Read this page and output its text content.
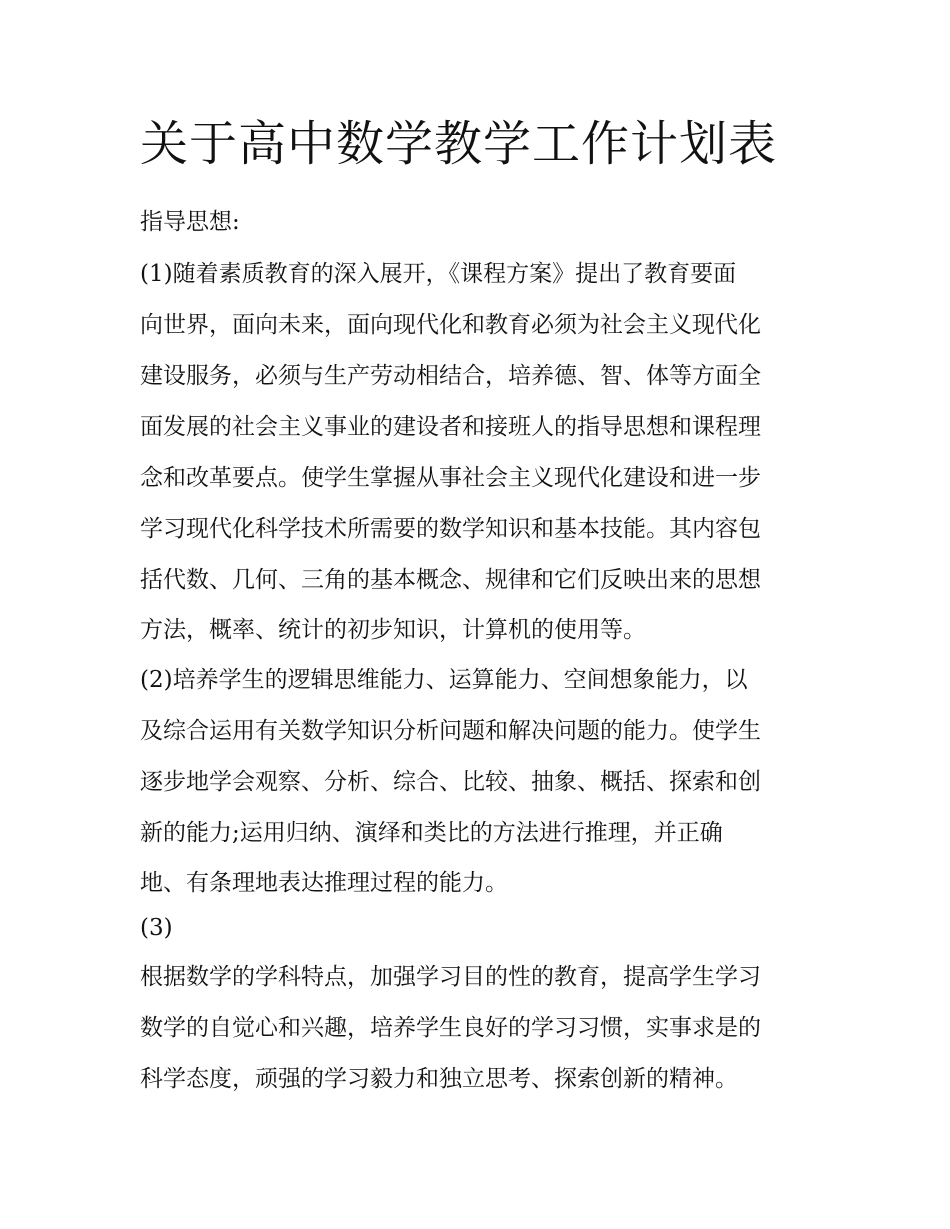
关于高中数学教学工作计划表

指导思想:

(1)随着素质教育的深入展开，《课程方案》提出了教育要面

向世界，面向未来，面向现代化和教育必须为社会主义现代化

建设服务，必须与生产劳动相结合，培养德、智、体等方面全

面发展的社会主义事业的建设者和接班人的指导思想和课程理

念和改革要点。使学生掌握从事社会主义现代化建设和进一步

学习现代化科学技术所需要的数学知识和基本技能。其内容包

括代数、几何、三角的基本概念、规律和它们反映出来的思想

方法，概率、统计的初步知识，计算机的使用等。

(2)培养学生的逻辑思维能力、运算能力、空间想象能力，以

及综合运用有关数学知识分析问题和解决问题的能力。使学生

逐步地学会观察、分析、综合、比较、抽象、概括、探索和创

新的能力;运用归纳、演绎和类比的方法进行推理，并正确

地、有条理地表达推理过程的能力。

(3)

根据数学的学科特点，加强学习目的性的教育，提高学生学习

数学的自觉心和兴趣，培养学生良好的学习习惯，实事求是的

科学态度，顽强的学习毅力和独立思考、探索创新的精神。
